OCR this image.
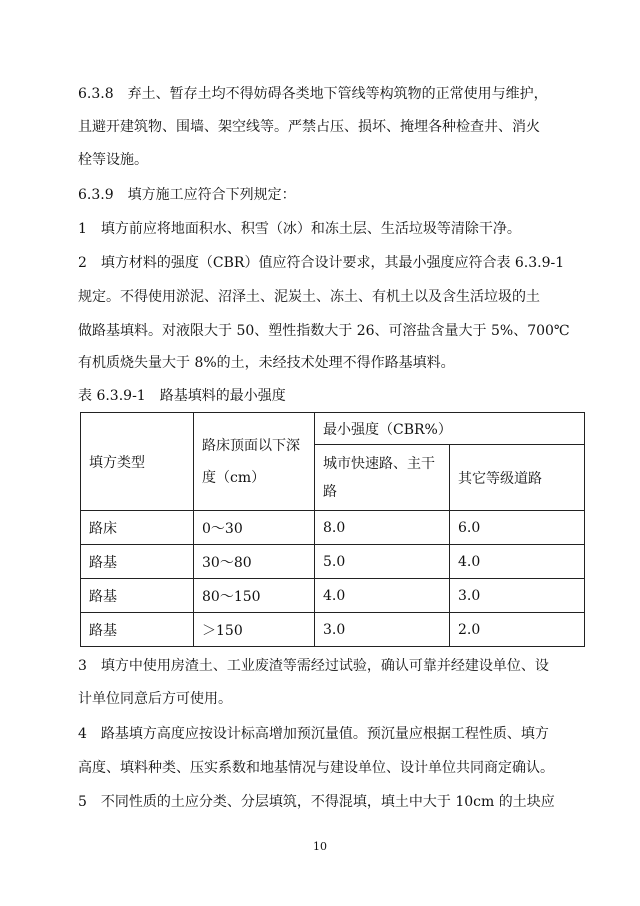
6.3.8　弃土、暂存土均不得妨碍各类地下管线等构筑物的正常使用与维护，
且避开建筑物、围墙、架空线等。严禁占压、损坏、掩埋各种检查井、消火
栓等设施。
6.3.9　填方施工应符合下列规定：
1　填方前应将地面积水、积雪（冰）和冻土层、生活垃圾等清除干净。
2　填方材料的强度（CBR）值应符合设计要求，其最小强度应符合表 6.3.9-1
规定。不得使用淤泥、沼泽土、泥炭土、冻土、有机土以及含生活垃圾的土
做路基填料。对液限大于 50、塑性指数大于 26、可溶盐含量大于 5%、700℃
有机质烧失量大于 8%的土，未经技术处理不得作路基填料。
表 6.3.9-1　路基填料的最小强度
填方类型	路床顶面以下深度（cm）	最小强度（CBR%）	
		城市快速路、主干路	其它等级道路
路床	0～30	8.0	6.0
路基	30～80	5.0	4.0
路基	80～150	4.0	3.0
路基	＞150	3.0	2.0
3　填方中使用房渣土、工业废渣等需经过试验，确认可靠并经建设单位、设
计单位同意后方可使用。
4　路基填方高度应按设计标高增加预沉量值。预沉量应根据工程性质、填方
高度、填料种类、压实系数和地基情况与建设单位、设计单位共同商定确认。
5　不同性质的土应分类、分层填筑，不得混填，填土中大于 10cm 的土块应
10
